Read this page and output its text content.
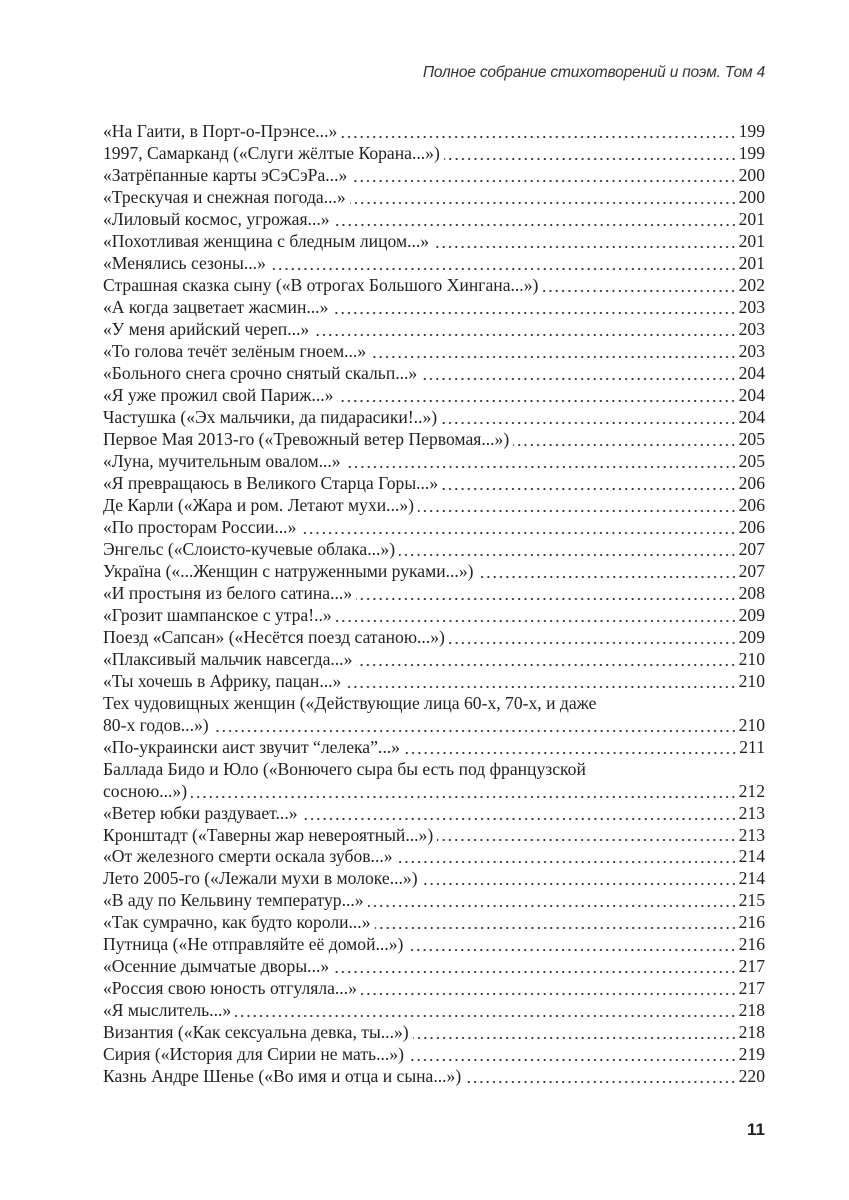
Полное собрание стихотворений и поэм. Том 4
«На Гаити, в Порт-о-Прэнсе...»	199
1997, Самарканд («Слуги жёлтые Корана...»)	199
«Затрёпанные карты эСэСэРа...»	200
«Трескучая и снежная погода...»	200
«Лиловый космос, угрожая...»	201
«Похотливая женщина с бледным лицом...»	201
«Менялись сезоны...»	201
Страшная сказка сыну («В отрогах Большого Хингана...»)	202
«А когда зацветает жасмин...»	203
«У меня арийский череп...»	203
«То голова течёт зелёным гноем...»	203
«Больного снега срочно снятый скальп...»	204
«Я уже прожил свой Париж...»	204
Частушка («Эх мальчики, да пидарасики!..»)	204
Первое Мая 2013-го («Тревожный ветер Первомая...»)	205
«Луна, мучительным овалом...»	205
«Я превращаюсь в Великого Старца Горы...»	206
Де Карли («Жара и ром. Летают мухи...»)	206
«По просторам России...»	206
Энгельс («Слоисто-кучевые облака...»)	207
Україна («...Женщин с натруженными руками...»)	207
«И простыня из белого сатина...»	208
«Грозит шампанское с утра!..»	209
Поезд «Сапсан» («Несётся поезд сатаною...»)	209
«Плаксивый мальчик навсегда...»	210
«Ты хочешь в Африку, пацан...»	210
Тех чудовищных женщин («Действующие лица 60-х, 70-х, и даже
80-х годов...»)	210
«По-украински аист звучит “лелека”...»	211
Баллада Бидо и Юло («Вонючего сыра бы есть под французской
сосною...»)	212
«Ветер юбки раздувает...»	213
Кронштадт («Таверны жар невероятный...»)	213
«От железного смерти оскала зубов...»	214
Лето 2005-го («Лежали мухи в молоке...»)	214
«В аду по Кельвину температур...»	215
«Так сумрачно, как будто короли...»	216
Путница («Не отправляйте её домой...»)	216
«Осенние дымчатые дворы...»	217
«Россия свою юность отгуляла...»	217
«Я мыслитель...»	218
Византия («Как сексуальна девка, ты...»)	218
Сирия («История для Сирии не мать...»)	219
Казнь Андре Шенье («Во имя и отца и сына...»)	220
11
